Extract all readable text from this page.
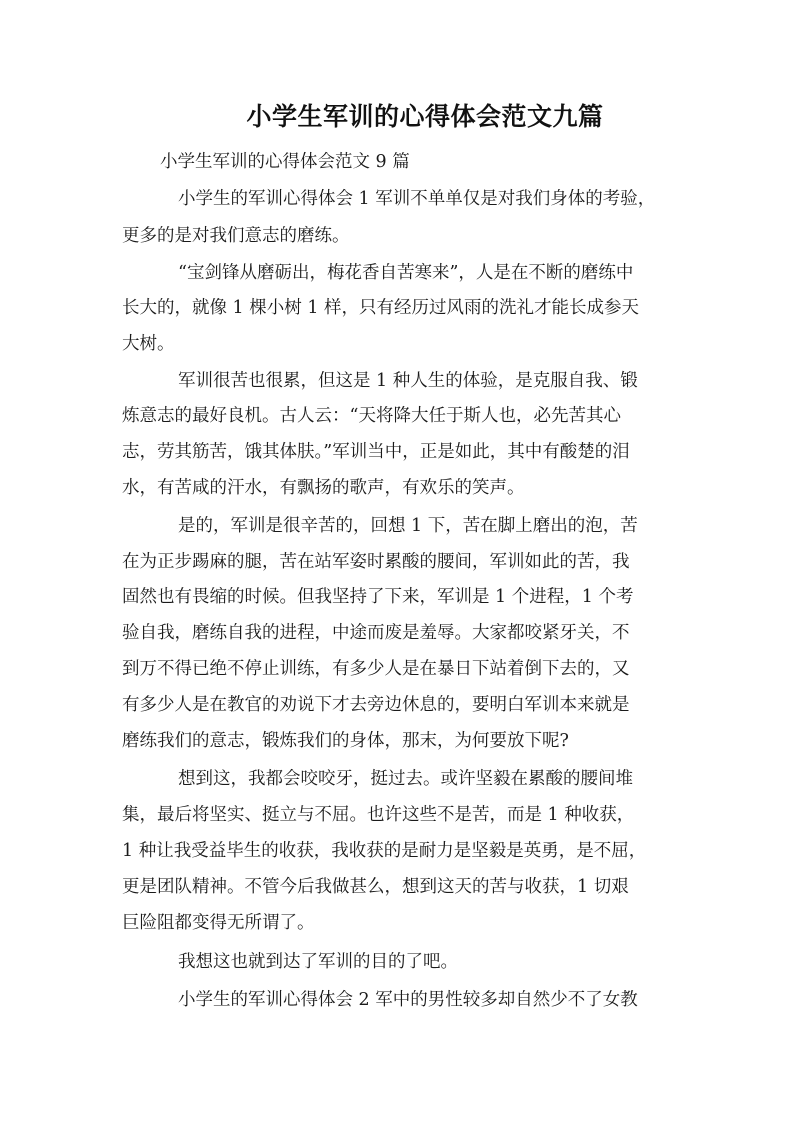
小学生军训的心得体会范文九篇
小学生军训的心得体会范文 9 篇
小学生的军训心得体会 1 军训不单单仅是对我们身体的考验，
更多的是对我们意志的磨练。
“宝剑锋从磨砺出，梅花香自苦寒来”，人是在不断的磨练中
长大的，就像 1 棵小树 1 样，只有经历过风雨的洗礼才能长成参天
大树。
军训很苦也很累，但这是 1 种人生的体验，是克服自我、锻
炼意志的最好良机。古人云：“天将降大任于斯人也，必先苦其心
志，劳其筋苦，饿其体肤。”军训当中，正是如此，其中有酸楚的泪
水，有苦咸的汗水，有飘扬的歌声，有欢乐的笑声。
是的，军训是很辛苦的，回想 1 下，苦在脚上磨出的泡，苦
在为正步踢麻的腿，苦在站军姿时累酸的腰间，军训如此的苦，我
固然也有畏缩的时候。但我坚持了下来，军训是 1 个进程，1 个考
验自我，磨练自我的进程，中途而废是羞辱。大家都咬紧牙关，不
到万不得已绝不停止训练，有多少人是在暴日下站着倒下去的，又
有多少人是在教官的劝说下才去旁边休息的，要明白军训本来就是
磨练我们的意志，锻炼我们的身体，那末，为何要放下呢?
想到这，我都会咬咬牙，挺过去。或许坚毅在累酸的腰间堆
集，最后将坚实、挺立与不屈。也许这些不是苦，而是 1 种收获，
1 种让我受益毕生的收获，我收获的是耐力是坚毅是英勇，是不屈，
更是团队精神。不管今后我做甚么，想到这天的苦与收获，1 切艰
巨险阻都变得无所谓了。
我想这也就到达了军训的目的了吧。
小学生的军训心得体会 2 军中的男性较多却自然少不了女教
